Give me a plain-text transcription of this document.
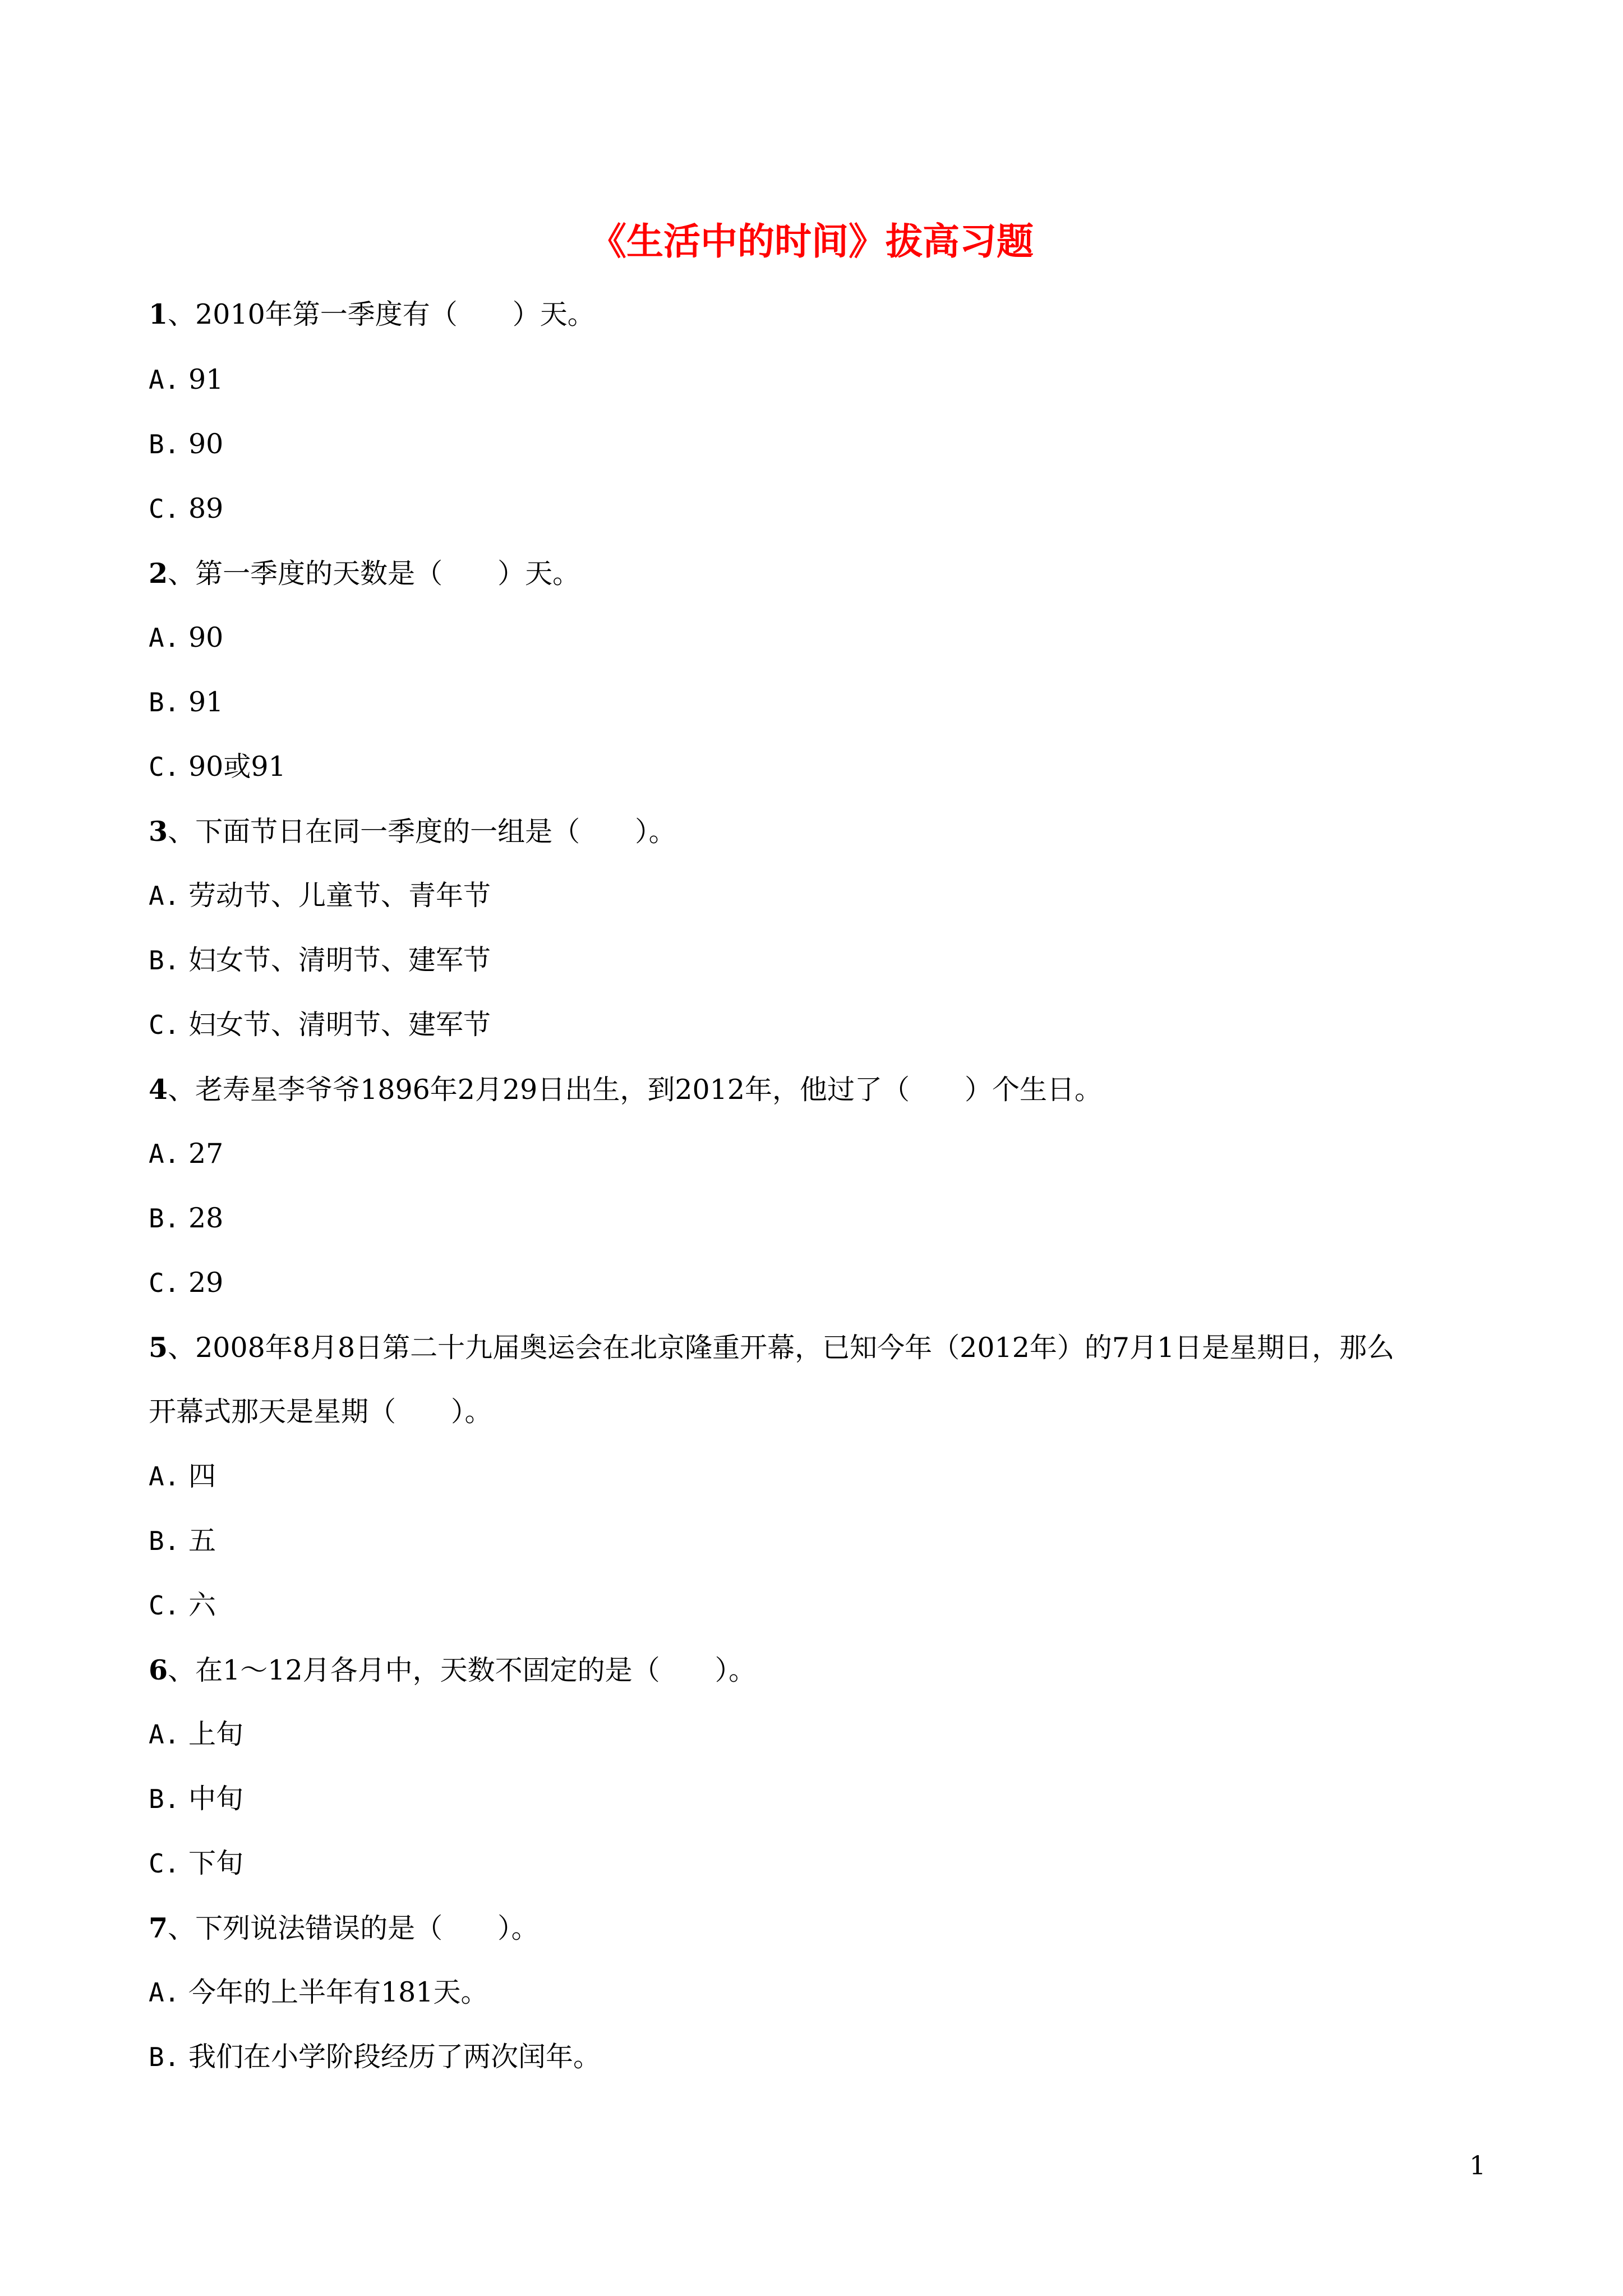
《生活中的时间》拔高习题
1、2010年第一季度有（　　）天。
A. 91
B. 90
C. 89
2、第一季度的天数是（　　）天。
A. 90
B. 91
C. 90或91
3、下面节日在同一季度的一组是（　　）。
A. 劳动节、儿童节、青年节
B. 妇女节、清明节、建军节
C. 妇女节、清明节、建军节
4、老寿星李爷爷1896年2月29日出生，到2012年，他过了（　　）个生日。
A. 27
B. 28
C. 29
5、2008年8月8日第二十九届奥运会在北京隆重开幕，已知今年（2012年）的7月1日是星期日，那么
开幕式那天是星期（　　）。
A. 四
B. 五
C. 六
6、在1～12月各月中，天数不固定的是（　　）。
A. 上旬
B. 中旬
C. 下旬
7、下列说法错误的是（　　）。
A. 今年的上半年有181天。
B. 我们在小学阶段经历了两次闰年。
1
